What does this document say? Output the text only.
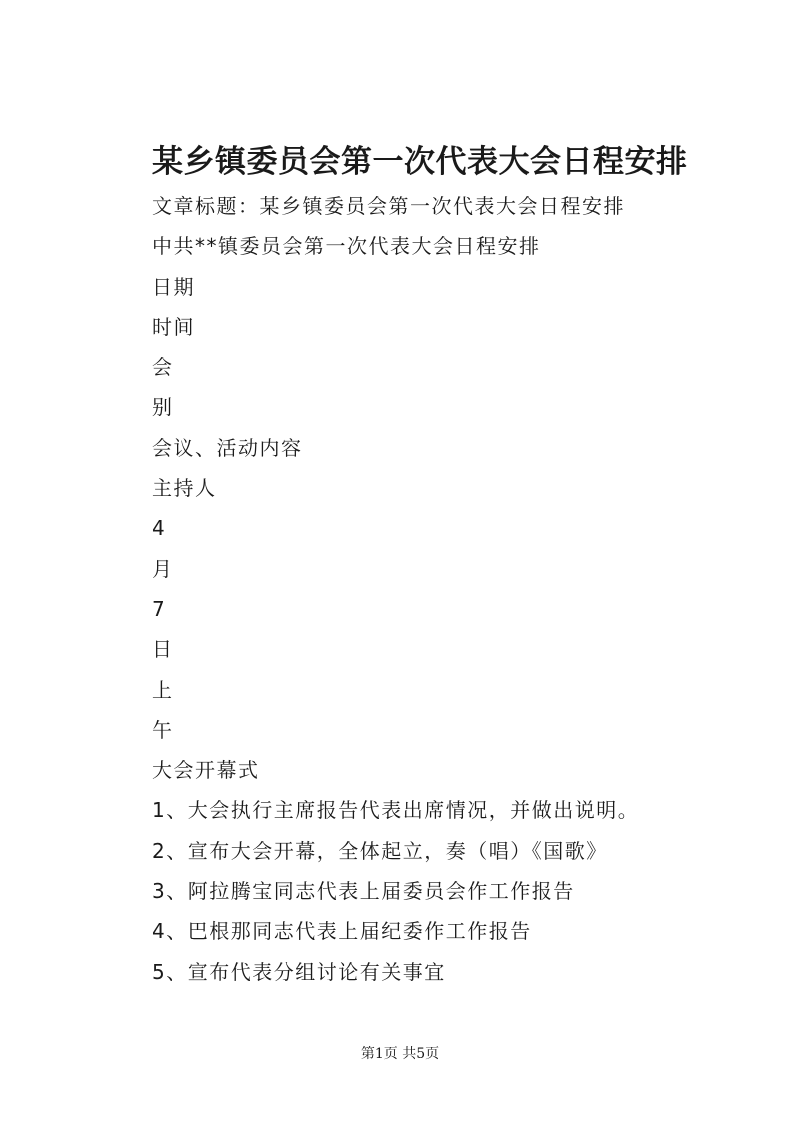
某乡镇委员会第一次代表大会日程安排

文章标题：某乡镇委员会第一次代表大会日程安排

中共**镇委员会第一次代表大会日程安排

日期

时间

会

别

会议、活动内容

主持人

4

月

7

日

上

午

大会开幕式

1、大会执行主席报告代表出席情况，并做出说明。

2、宣布大会开幕，全体起立，奏（唱）《国歌》

3、阿拉腾宝同志代表上届委员会作工作报告

4、巴根那同志代表上届纪委作工作报告

5、宣布代表分组讨论有关事宜

第1页 共5页
